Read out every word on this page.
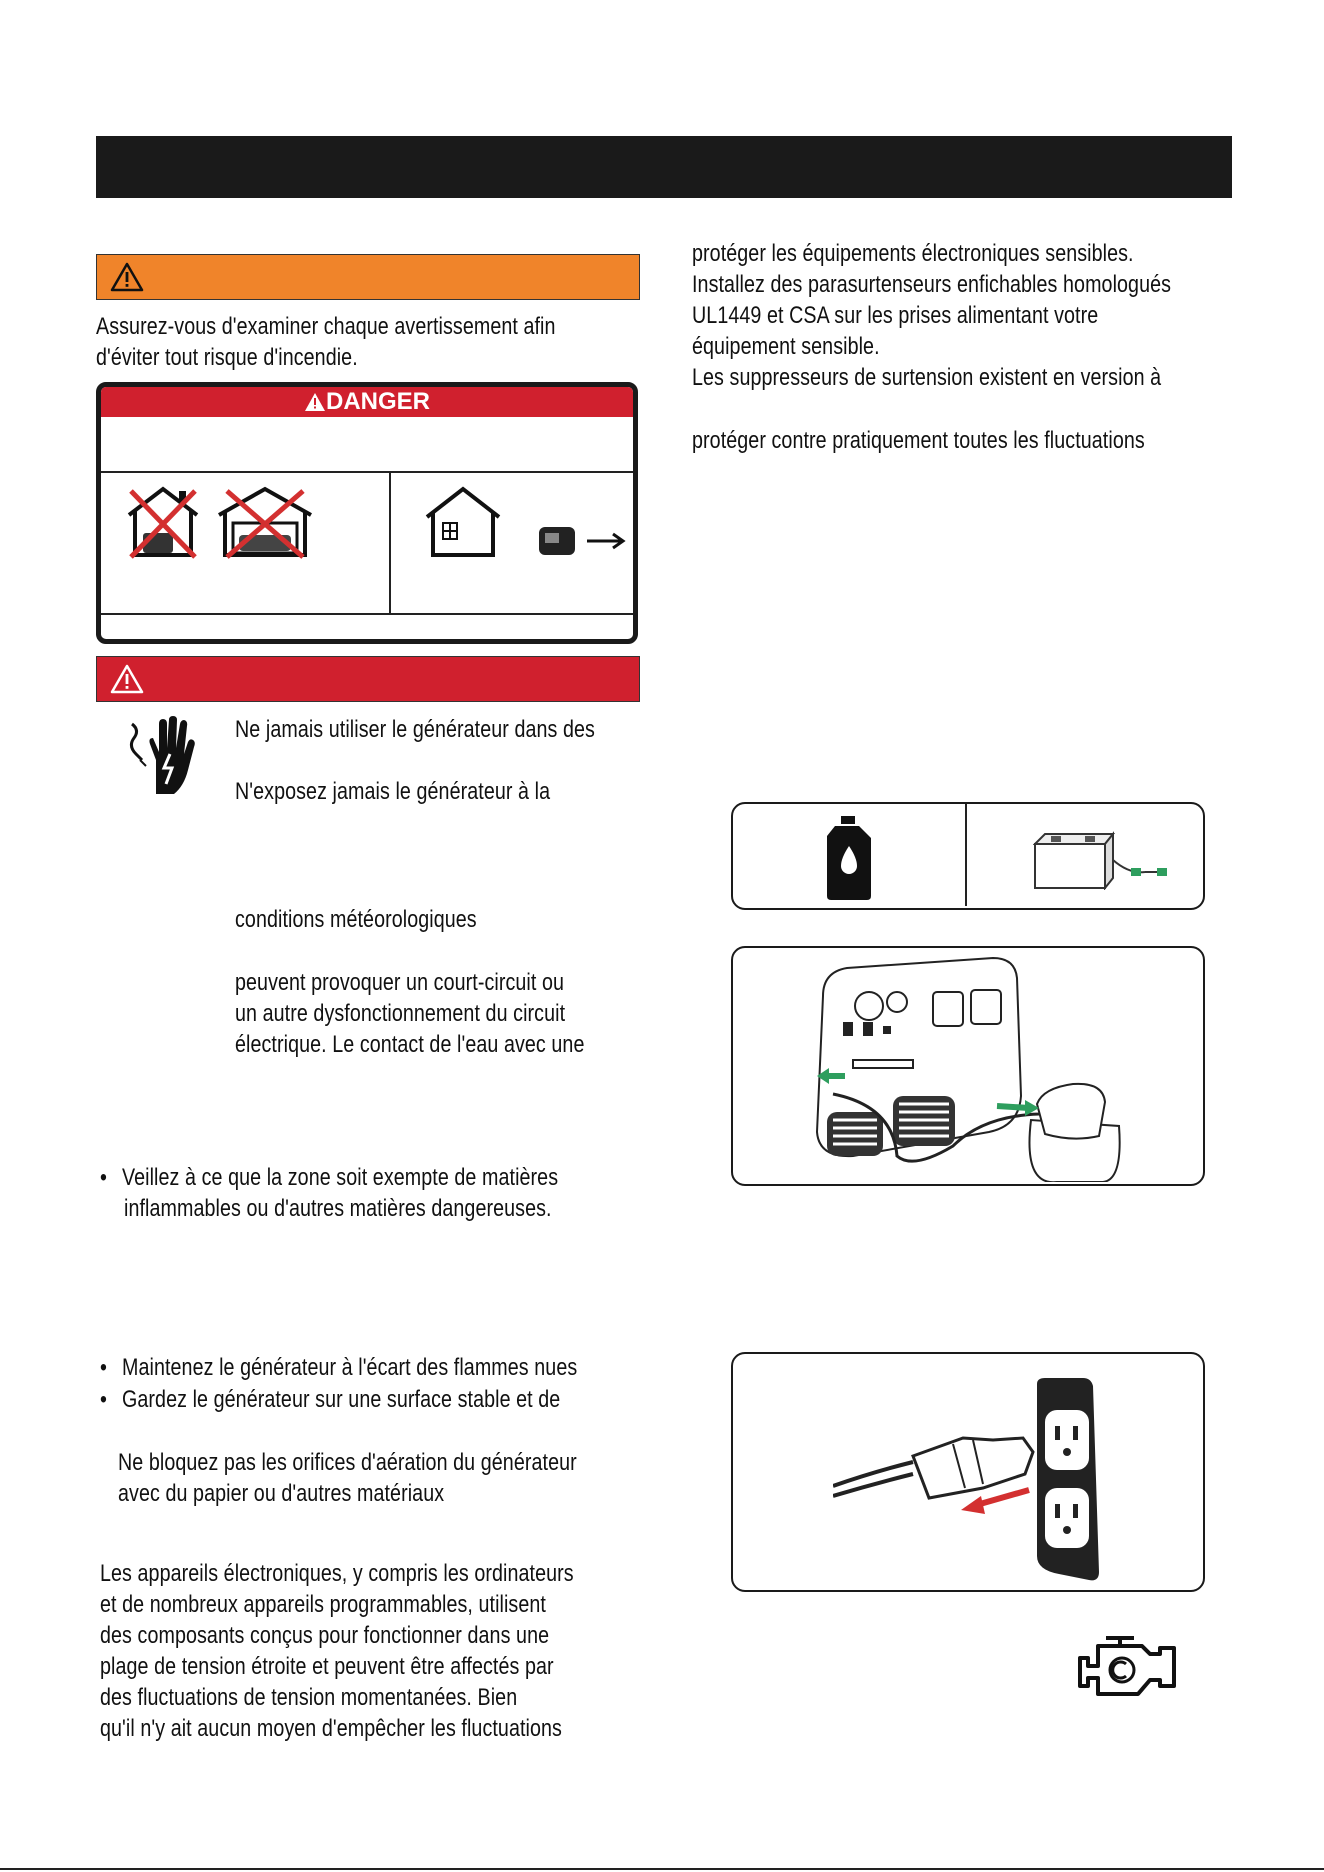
Assurez-vous d'examiner chaque avertissement afin
d'éviter tout risque d'incendie.
DANGER
Ne jamais utiliser le générateur dans des
N'exposez jamais le générateur à la
conditions météorologiques
peuvent provoquer un court-circuit ou
un autre dysfonctionnement du circuit
électrique. Le contact de l'eau avec une
• Veillez à ce que la zone soit exempte de matières
inflammables ou d'autres matières dangereuses.
• Maintenez le générateur à l'écart des flammes nues
• Gardez le générateur sur une surface stable et de
Ne bloquez pas les orifices d'aération du générateur
avec du papier ou d'autres matériaux
Les appareils électroniques, y compris les ordinateurs
et de nombreux appareils programmables, utilisent
des composants conçus pour fonctionner dans une
plage de tension étroite et peuvent être affectés par
des fluctuations de tension momentanées. Bien
qu'il n'y ait aucun moyen d'empêcher les fluctuations
protéger les équipements électroniques sensibles.
Installez des parasurtenseurs enfichables homologués
UL1449 et CSA sur les prises alimentant votre
équipement sensible.
Les suppresseurs de surtension existent en version à
protéger contre pratiquement toutes les fluctuations
